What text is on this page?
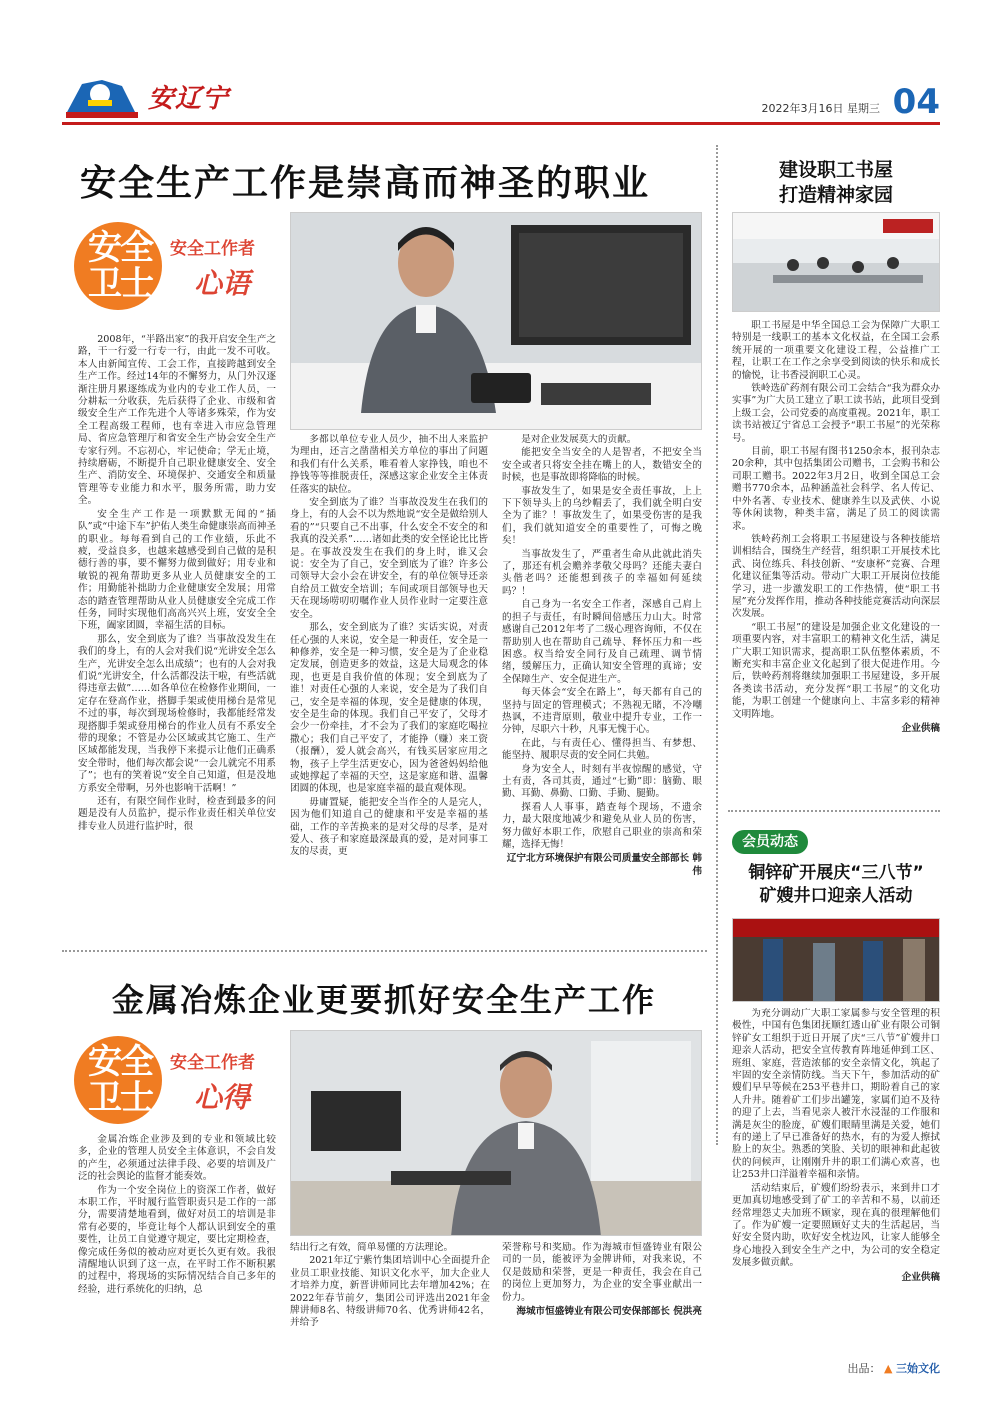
安辽宁	2022年3月16日 星期三 04
安全生产工作是崇高而神圣的职业
安全卫士
安全工作者
心语

2008年，“半路出家”的我开启安全生产之路，干一行爱一行专一行，由此一发不可收。本人由新闻宣传、工会工作，直接跨越到安全生产工作。经过14年的不懈努力，从门外汉逐渐注册月累逐练成为业内的专业工作人员，一分耕耘一分收获，先后获得了企业、市级和省级安全生产工作先进个人等诸多殊荣，作为安全工程高级工程师，也有幸进入市应急管理局、省应急管理厅和省安全生产协会安全生产专家行列。不忘初心，牢记使命；学无止境，持续磨砺，不断提升自己职业健康安全、安全生产、消防安全、环境保护、交通安全和质量管理等专业能力和水平，服务所需，助力安全。

安全生产工作是一项默默无闻的“插队”或“中途下车”护佑人类生命健康崇高而神圣的职业。每每看到自己的工作业绩，乐此不疲，受益良多，也越来越感受到自己做的是积德行善的事，要不懈努力做到做好；用专业和敏锐的视角帮助更多从业人员健康安全的工作；用勤能补拙助力企业健康安全发展；用常态的踏查管理帮助从业人员健康安全完成工作任务，同时实现他们高高兴兴上班，安安全全下班，阖家团圆，幸福生活的目标。

那么，安全到底为了谁？当事故没发生在我们的身上，有的人会对我们说“光讲安全怎么生产，光讲安全怎么出成绩”；也有的人会对我们说“光讲安全，什么活都没法干啦，有些活就得违章去做”……如各单位在检修作业期间，一定存在登高作业，搭脚手架或使用梯台是常见不过的事，每次到现场检修时，我都能经常发现搭脚手架或登用梯台的作业人员有不系安全带的现象；不管是办公区域或其它施工、生产区域都能发现，当我停下来提示让他们正确系安全带时，他们每次都会说“一会儿就完不用系了”；也有的笑着说“安全自己知道，但是没地方系安全带啊，另外也影响干活啊！”

还有，有限空间作业时，检查到最多的问题是没有人员监护，提示作业责任相关单位安排专业人员进行监护时，很

多都以单位专业人员少，抽不出人来监护为理由，还言之凿凿相关方单位的事出了问题和我们有什么关系，唯看着人家挣钱，咱也不挣钱等等推脱责任，深感这家企业安全主体责任落实的缺位。

安全到底为了谁？当事故没发生在我们的身上，有的人会不以为然地说“安全是做给别人看的”“只要自己不出事，什么安全不安全的和我真的没关系”……诸如此类的安全怪论比比皆是。在事故没发生在我们的身上时，谁又会说：安全为了自己，安全到底为了谁？许多公司领导大会小会在讲安全，有的单位领导还亲自给员工做安全培训；车间或项目部领导也天天在现场唠叨叨嘱作业人员作业时一定要注意安全。

那么，安全到底为了谁？实话实说，对责任心强的人来说，安全是一种责任，安全是一种修养，安全是一种习惯，安全是为了企业稳定发展，创造更多的效益，这是大局观念的体现，也更是自我价值的体现；安全到底为了谁！对责任心强的人来说，安全是为了我们自己，安全是幸福的体现，安全是健康的体现，安全是生命的体现。我们自己平安了，父母才会少一份牵挂，才不会为了我们的家庭吃喝拉撒心；我们自己平安了，才能挣（赚）来工资（报酬），爱人就会高兴，有钱买居家应用之物，孩子上学生活更安心，因为爸爸妈妈给他或她撑起了幸福的天空，这是家庭和谐、温馨团圆的体现，也是家庭幸福的最直观体现。

毋庸置疑，能把安全当作全的人是完人，因为他们知道自己的健康和平安是幸福的基础，工作的辛苦换来的是对父母的尽孝，是对爱人、孩子和家庭最深最真的爱，是对同事工友的尽责，更

是对企业发展莫大的贡献。

能把安全当安全的人是智者，不把安全当安全或者只将安全挂在嘴上的人，数错安全的时候，也是事故即将降临的时候。

事故发生了，如果是安全责任事故，上上下下领导头上的乌纱帽丢了，我们就全明白安全为了谁？！事故发生了，如果受伤害的是我们，我们就知道安全的重要性了，可悔之晚矣！

当事故发生了，严重者生命从此就此消失了，那还有机会赡养孝敬父母吗？还能夫妻白头偕老吗？还能想到孩子的幸福如何延续吗？！

自己身为一名安全工作者，深感自己肩上的担子与责任，有时瞬间倍感压力山大。时常感谢自己2012年考了二级心理咨询师，不仅在帮助别人也在帮助自己疏导、释怀压力和一些困惑。权当给安全同行及自己疏理、调节情绪，缓解压力，正确认知安全管理的真谛；安全保障生产、安全促进生产。

每天体会“安全在路上”，每天都有自己的坚持与固定的管理模式；不熟视无睹，不冷嘲热讽，不违背原则，敬业中提升专业，工作一分钟，尽职六十秒，凡事无愧于心。

在此，与有责任心、懂得担当、有梦想、能坚持、履职尽责的安全同仁共勉。

身为安全人，时刻有半夜惊醒的感觉，守土有责，各司其责，通过“七勤”即：脑勤、眼勤、耳勤、鼻勤、口勤、手勤、腿勤。

探看人人事事，踏查每个现场，不遗余力，最大限度地减少和避免从业人员的伤害，努力做好本职工作，欣慰自己职业的崇高和荣耀，选择无悔！

辽宁北方环境保护有限公司质量安全部部长 韩伟
金属冶炼企业更要抓好安全生产工作
安全卫士
安全工作者
心得

金属冶炼企业涉及到的专业和领域比较多，企业的管理人员安全主体意识，不会自发的产生，必须通过法律手段、必要的培训及广泛的社会舆论的监督才能奏效。

作为一个安全岗位上的资深工作者，做好本职工作，平时履行监管职责只是工作的一部分，需要清楚地看到，做好对员工的培训是非常有必要的，毕竟让每个人都认识到安全的重要性，让员工自觉遵守规定，要比定期检查，像完成任务似的被动应对更长久更有效。我很清醒地认识到了这一点，在平时工作不断积累的过程中，将现场的实际情况结合自己多年的经验，进行系统化的归纳，总

结出行之有效，简单易懂的方法理论。

2021年辽宁紫竹集团培训中心全面提升企业员工职业技能、知识文化水平，加大企业人才培养力度，新晋讲师同比去年增加42%；在2022年春节前夕，集团公司评选出2021年金牌讲师8名、特级讲师70名、优秀讲师42名，并给予

荣誉称号和奖励。作为海城市恒盛铸业有限公司的一员，能被评为金牌讲师，对我来说，不仅是鼓励和荣誉，更是一种责任，我会在自己的岗位上更加努力，为企业的安全事业献出一份力。

海城市恒盛铸业有限公司安保部部长 倪洪亮
建设职工书屋
打造精神家园

职工书屋是中华全国总工会为保障广大职工特别是一线职工的基本文化权益，在全国工会系统开展的一项重要文化建设工程，公益推广工程，让职工在工作之余享受到阅读的快乐和成长的愉悦，让书香浸润职工心灵。

铁岭选矿药剂有限公司工会结合“我为群众办实事”为广大员工建立了职工读书站，此项目受到上级工会，公司党委的高度重视。2021年，职工读书站被辽宁省总工会授予“职工书屋”的光荣称号。

目前，职工书屋有图书1250余本，报刊杂志20余种，其中包括集团公司赠书，工会购书和公司职工赠书。2022年3月2日，收到全国总工会赠书770余本，品种涵盖社会科学、名人传记、中外名著、专业技术、健康养生以及武侠、小说等休闲读物，种类丰富，满足了员工的阅读需求。

铁岭药剂工会将职工书屋建设与各种技能培训相结合，围绕生产经营，组织职工开展技术比武、岗位练兵、科技创新、“安康杯”竞赛、合理化建议征集等活动。带动广大职工开展岗位技能学习，进一步激发职工的工作热情，使“职工书屋”充分发挥作用，推动各种技能竞赛活动向深层次发展。

“职工书屋”的建设是加强企业文化建设的一项重要内容，对丰富职工的精神文化生活，满足广大职工知识需求，提高职工队伍整体素质，不断充实和丰富企业文化起到了很大促进作用。今后，铁岭药剂将继续加强职工书屋建设，多开展各类读书活动，充分发挥“职工书屋”的文化功能，为职工创建一个健康向上、丰富多彩的精神文明阵地。

企业供稿
会员动态
铜锌矿开展庆“三八节”
矿嫂井口迎亲人活动

为充分调动广大职工家属参与安全管理的积极性，中国有色集团抚顺红透山矿业有限公司铜锌矿女工组织于近日开展了庆“三八节”矿嫂井口迎亲人活动，把安全宣传教育阵地延伸到工区、班组、家庭，营造浓郁的安全亲情文化，筑起了牢固的安全亲情防线。当天下午，参加活动的矿嫂们早早等候在253平巷井口，期盼着自己的家人升井。随着矿工们步出罐笼，家属们迫不及待的迎了上去，当看见亲人被汗水浸湿的工作服和满是灰尘的脸庞，矿嫂们眼睛里满是关爱，她们有的递上了早已准备好的热水，有的为爱人擦拭脸上的灰尘。熟悉的笑脸、关切的眼神和此起彼伏的问候声，让刚刚升井的职工们满心欢喜，也让253井口洋溢着幸福和亲情。

活动结束后，矿嫂们纷纷表示，来到井口才更加真切地感受到了矿工的辛苦和不易，以前还经常埋怨丈夫加班不顾家，现在真的很理解他们了。作为矿嫂一定要照顾好丈夫的生活起居，当好安全贤内助，吹好安全枕边风，让家人能够全身心地投入到安全生产之中，为公司的安全稳定发展多做贡献。

企业供稿
出品： ▲ 三始文化
